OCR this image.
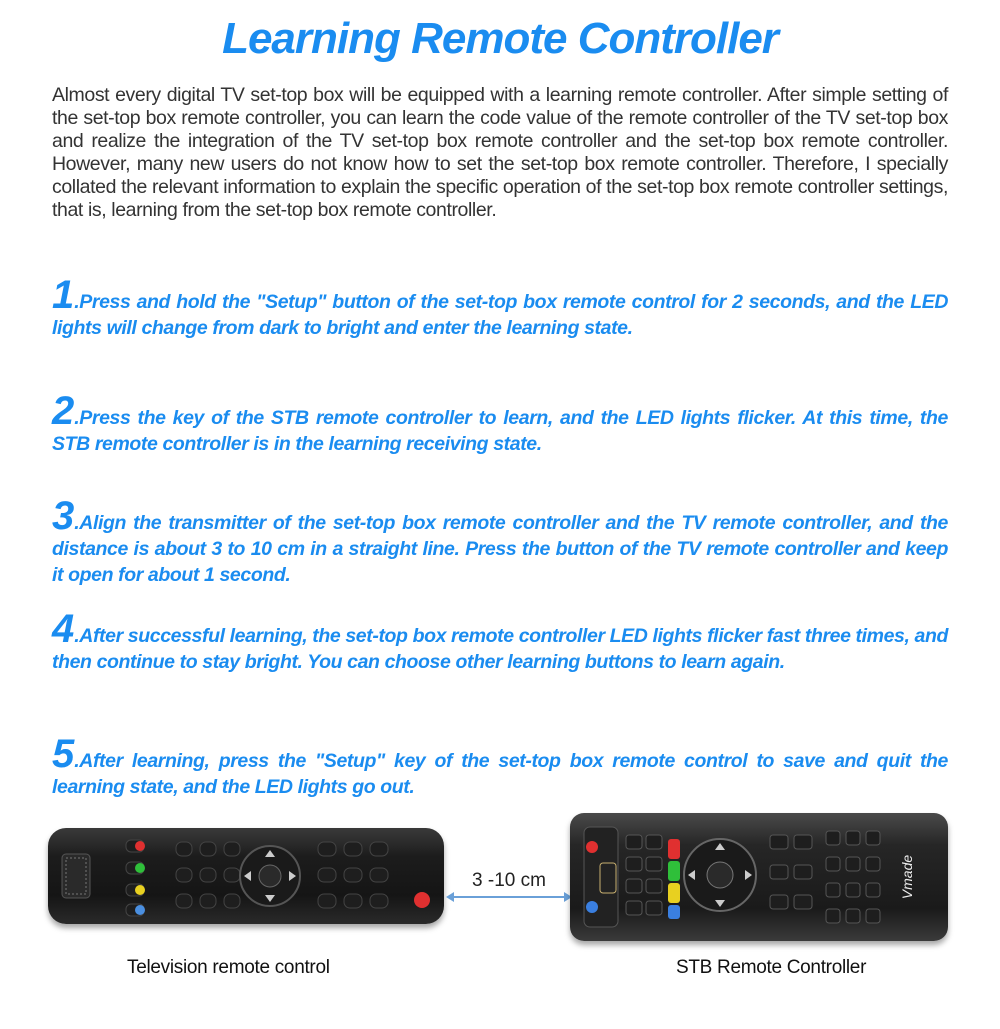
Learning Remote Controller

Almost every digital TV set-top box will be equipped with a learning remote controller. After simple setting of the set-top box remote controller, you can learn the code value of the remote controller of the TV set-top box and realize the integration of the TV set-top box remote controller and the set-top box remote controller. However, many new users do not know how to set the set-top box remote controller. Therefore, I specially collated the relevant information to explain the specific operation of the set-top box remote controller settings, that is, learning from the set-top box remote controller.

1.Press and hold the "Setup" button of the set-top box remote control for 2 seconds, and the LED lights will change from dark to bright and enter the learning state.

2.Press the key of the STB remote controller to learn, and the LED lights flicker. At this time, the STB remote controller is in the learning receiving state.

3.Align the transmitter of the set-top box remote controller and the TV remote controller, and the distance is about 3 to 10 cm in a straight line. Press the button of the TV remote controller and keep it open for about 1 second.

4.After successful learning, the set-top box remote controller LED lights flicker fast three times, and then continue to stay bright. You can choose other learning buttons to learn again.

5.After learning, press the "Setup" key of the set-top box remote control to save and quit the learning state, and the LED lights go out.

3 -10 cm	Vmade
Television remote control	STB Remote Controller
